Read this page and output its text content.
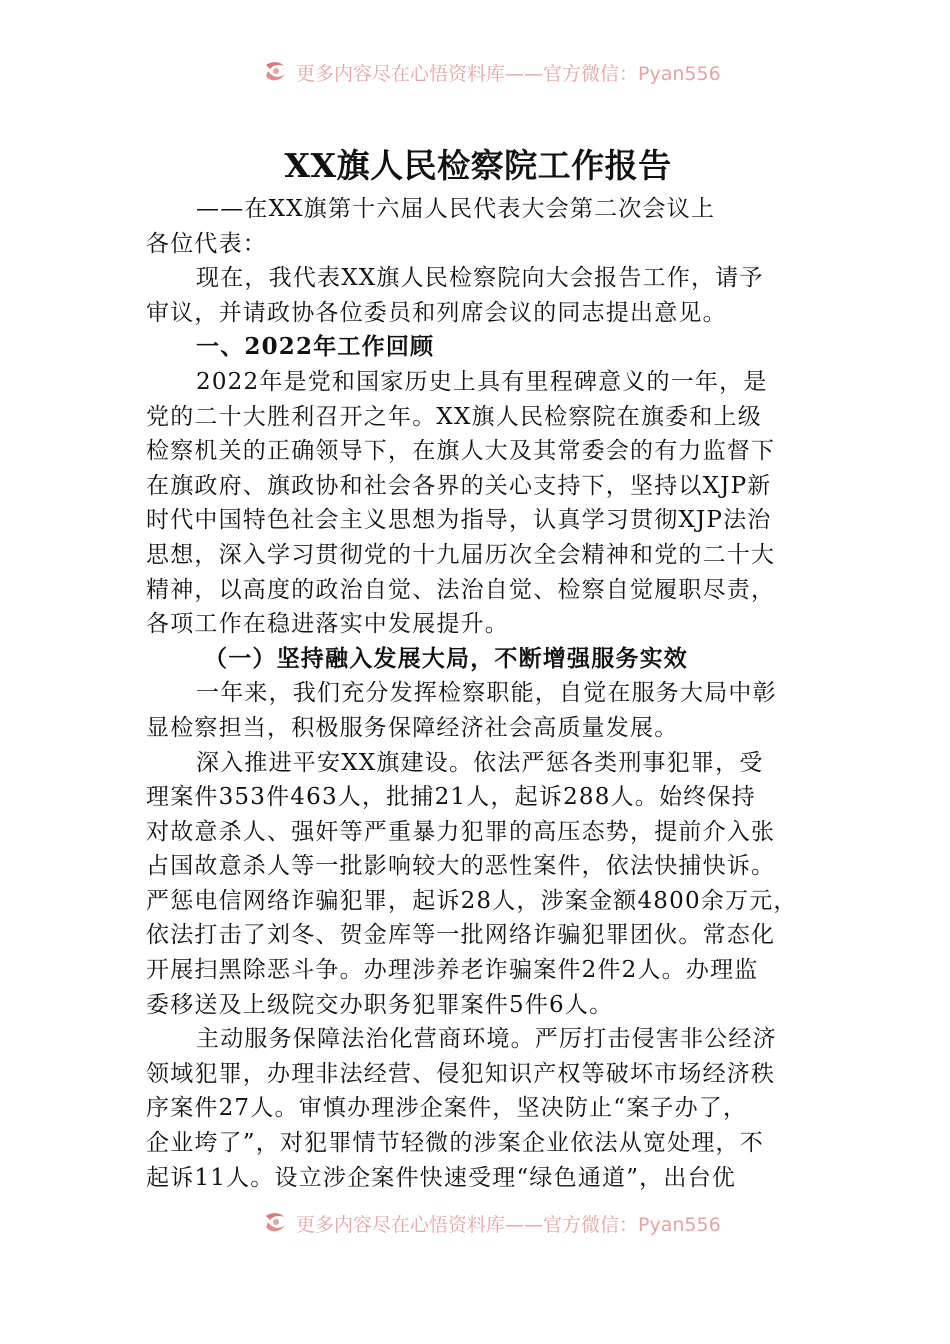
更多内容尽在心悟资料库——官方微信：Pyan556
XX旗人民检察院工作报告
——在XX旗第十六届人民代表大会第二次会议上
各位代表：
现在，我代表XX旗人民检察院向大会报告工作，请予
审议，并请政协各位委员和列席会议的同志提出意见。
一、2022年工作回顾
2022年是党和国家历史上具有里程碑意义的一年，是
党的二十大胜利召开之年。XX旗人民检察院在旗委和上级
检察机关的正确领导下，在旗人大及其常委会的有力监督下
在旗政府、旗政协和社会各界的关心支持下，坚持以XJP新
时代中国特色社会主义思想为指导，认真学习贯彻XJP法治
思想，深入学习贯彻党的十九届历次全会精神和党的二十大
精神，以高度的政治自觉、法治自觉、检察自觉履职尽责，
各项工作在稳进落实中发展提升。
（一）坚持融入发展大局，不断增强服务实效
一年来，我们充分发挥检察职能，自觉在服务大局中彰
显检察担当，积极服务保障经济社会高质量发展。
深入推进平安XX旗建设。依法严惩各类刑事犯罪，受
理案件353件463人，批捕21人，起诉288人。始终保持
对故意杀人、强奸等严重暴力犯罪的高压态势，提前介入张
占国故意杀人等一批影响较大的恶性案件，依法快捕快诉。
严惩电信网络诈骗犯罪，起诉28人，涉案金额4800余万元，
依法打击了刘冬、贺金库等一批网络诈骗犯罪团伙。常态化
开展扫黑除恶斗争。办理涉养老诈骗案件2件2人。办理监
委移送及上级院交办职务犯罪案件5件6人。
主动服务保障法治化营商环境。严厉打击侵害非公经济
领域犯罪，办理非法经营、侵犯知识产权等破坏市场经济秩
序案件27人。审慎办理涉企案件，坚决防止“案子办了，
企业垮了”，对犯罪情节轻微的涉案企业依法从宽处理，不
起诉11人。设立涉企案件快速受理“绿色通道”，出台优
更多内容尽在心悟资料库——官方微信：Pyan556
